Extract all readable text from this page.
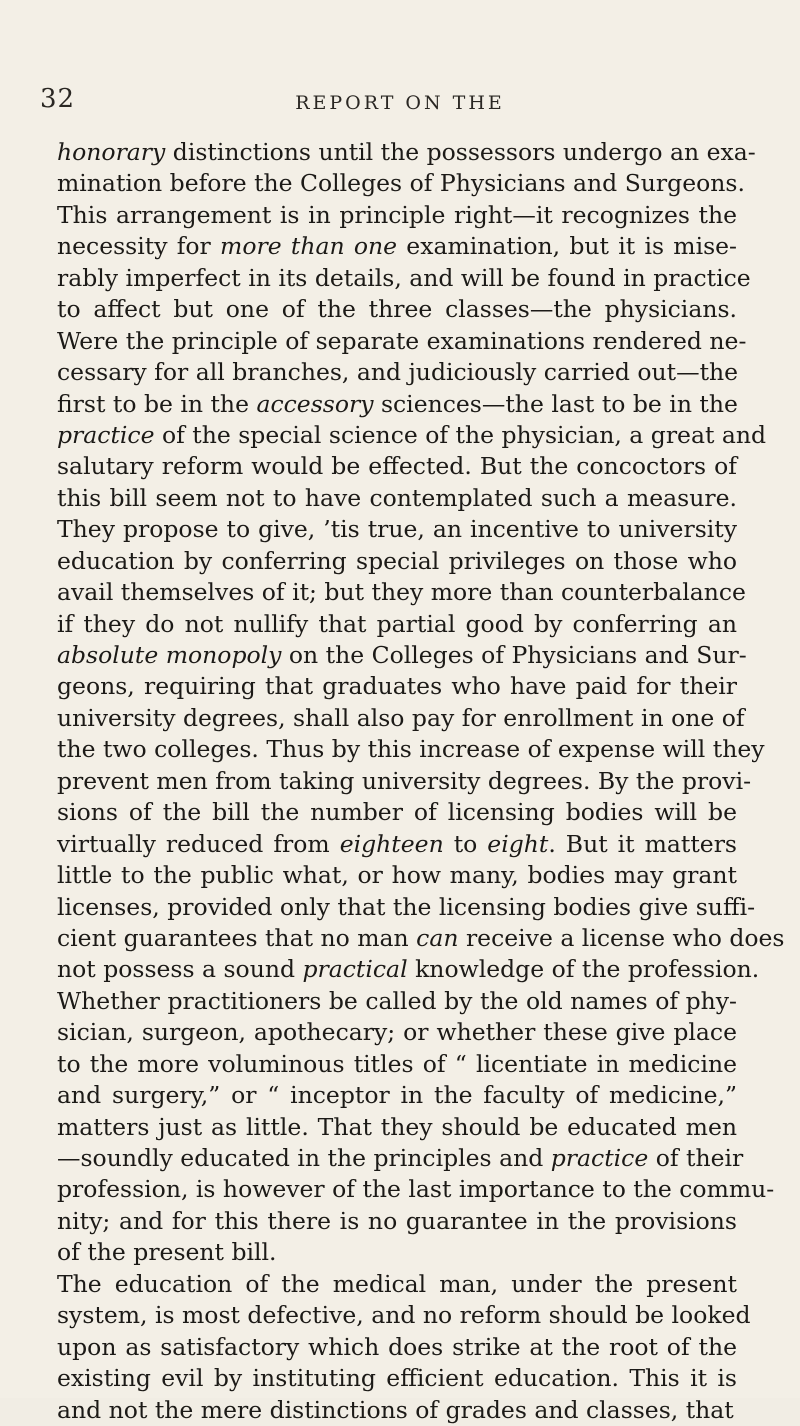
32	REPORT ON THE
honorary distinctions until the possessors undergo an exa-
mination before the Colleges of Physicians and Surgeons.
This arrangement is in principle right—it recognizes the
necessity for more than one examination, but it is mise-
rably imperfect in its details, and will be found in practice
to affect but one of the three classes—the physicians.
Were the principle of separate examinations rendered ne-
cessary for all branches, and judiciously carried out—the
first to be in the accessory sciences—the last to be in the
practice of the special science of the physician, a great and
salutary reform would be effected. But the concoctors of
this bill seem not to have contemplated such a measure.
They propose to give, ’tis true, an incentive to university
education by conferring special privileges on those who
avail themselves of it; but they more than counterbalance
if they do not nullify that partial good by conferring an
absolute monopoly on the Colleges of Physicians and Sur-
geons, requiring that graduates who have paid for their
university degrees, shall also pay for enrollment in one of
the two colleges. Thus by this increase of expense will they
prevent men from taking university degrees. By the provi-
sions of the bill the number of licensing bodies will be
virtually reduced from eighteen to eight. But it matters
little to the public what, or how many, bodies may grant
licenses, provided only that the licensing bodies give suffi-
cient guarantees that no man can receive a license who does
not possess a sound practical knowledge of the profession.
Whether practitioners be called by the old names of phy-
sician, surgeon, apothecary; or whether these give place
to the more voluminous titles of “ licentiate in medicine
and surgery,” or “ inceptor in the faculty of medicine,”
matters just as little. That they should be educated men
—soundly educated in the principles and practice of their
profession, is however of the last importance to the commu-
nity; and for this there is no guarantee in the provisions
of the present bill.
The education of the medical man, under the present
system, is most defective, and no reform should be looked
upon as satisfactory which does strike at the root of the
existing evil by instituting efficient education. This it is
and not the mere distinctions of grades and classes, that
